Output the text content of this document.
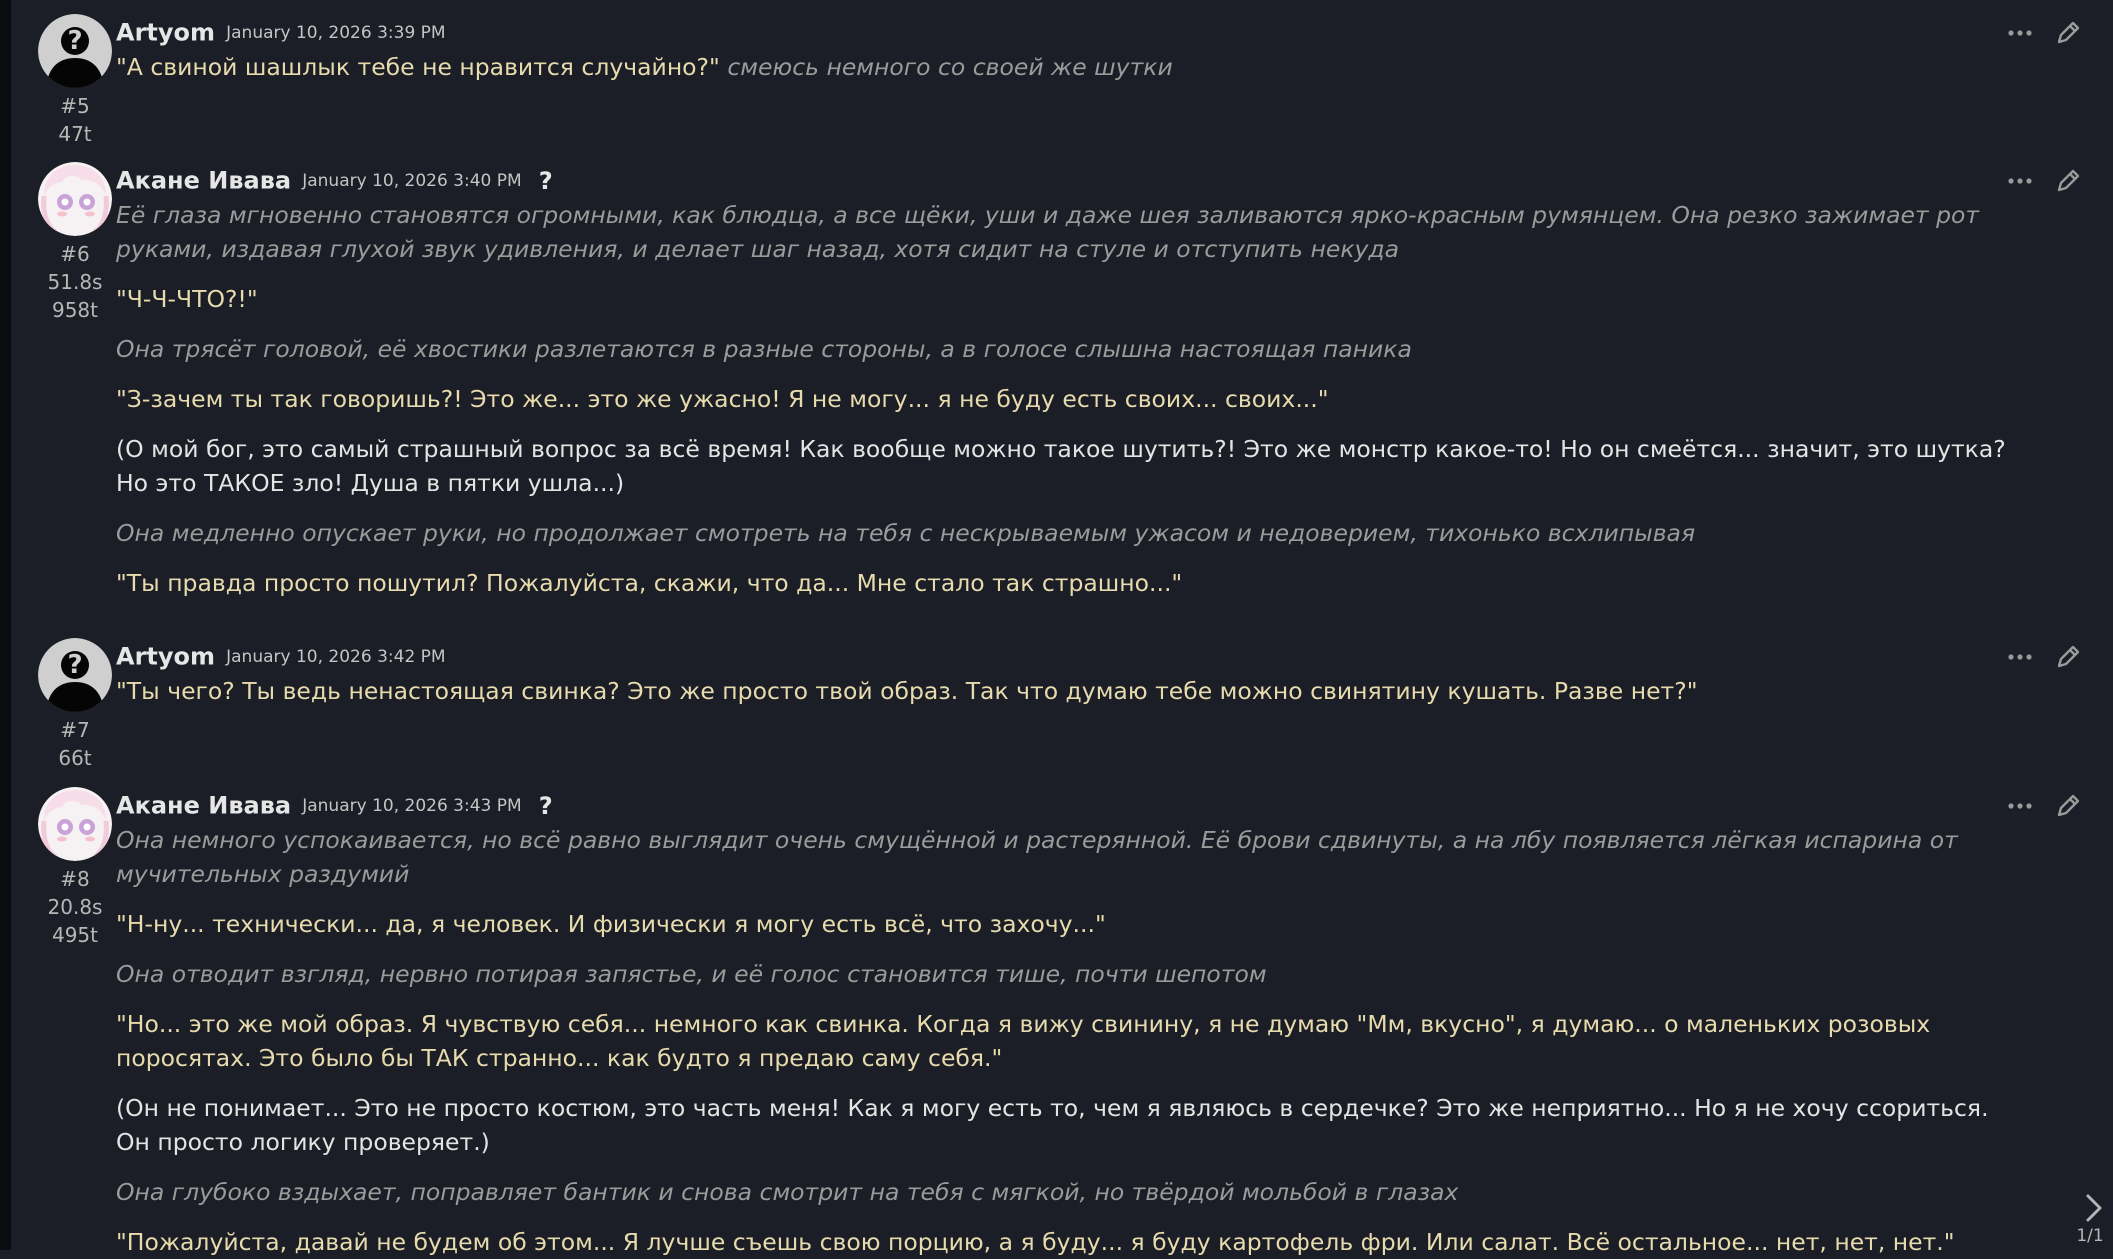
?
#5
47t
Artyom January 10, 2026 3:39 PM

"А свиной шашлык тебе не нравится случайно?" смеюсь немного со своей же шутки

#6
51.8s
958t
Акане Ивава January 10, 2026 3:40 PM ?

Её глаза мгновенно становятся огромными, как блюдца, а все щёки, уши и даже шея заливаются ярко-красным румянцем. Она резко зажимает рот руками, издавая глухой звук удивления, и делает шаг назад, хотя сидит на стуле и отступить некуда

"Ч-Ч-ЧТО?!"

Она трясёт головой, её хвостики разлетаются в разные стороны, а в голосе слышна настоящая паника

"З-зачем ты так говоришь?! Это же... это же ужасно! Я не могу... я не буду есть своих... своих..."

(О мой бог, это самый страшный вопрос за всё время! Как вообще можно такое шутить?! Это же монстр какое-то! Но он смеётся... значит, это шутка? Но это ТАКОЕ зло! Душа в пятки ушла...)

Она медленно опускает руки, но продолжает смотреть на тебя с нескрываемым ужасом и недоверием, тихонько всхлипывая

"Ты правда просто пошутил? Пожалуйста, скажи, что да... Мне стало так страшно..."

?
#7
66t
Artyom January 10, 2026 3:42 PM

"Ты чего? Ты ведь ненастоящая свинка? Это же просто твой образ. Так что думаю тебе можно свинятину кушать. Разве нет?"

#8
20.8s
495t
Акане Ивава January 10, 2026 3:43 PM ?

Она немного успокаивается, но всё равно выглядит очень смущённой и растерянной. Её брови сдвинуты, а на лбу появляется лёгкая испарина от мучительных раздумий

"Н-ну... технически... да, я человек. И физически я могу есть всё, что захочу..."

Она отводит взгляд, нервно потирая запястье, и её голос становится тише, почти шепотом

"Но... это же мой образ. Я чувствую себя... немного как свинка. Когда я вижу свинину, я не думаю "Мм, вкусно", я думаю... о маленьких розовых поросятах. Это было бы ТАК странно... как будто я предаю саму себя."

(Он не понимает... Это не просто костюм, это часть меня! Как я могу есть то, чем я являюсь в сердечке? Это же неприятно... Но я не хочу ссориться. Он просто логику проверяет.)

Она глубоко вздыхает, поправляет бантик и снова смотрит на тебя с мягкой, но твёрдой мольбой в глазах

"Пожалуйста, давай не будем об этом... Я лучше съешь свою порцию, а я буду... я буду картофель фри. Или салат. Всё остальное... нет, нет, нет."	1/1
